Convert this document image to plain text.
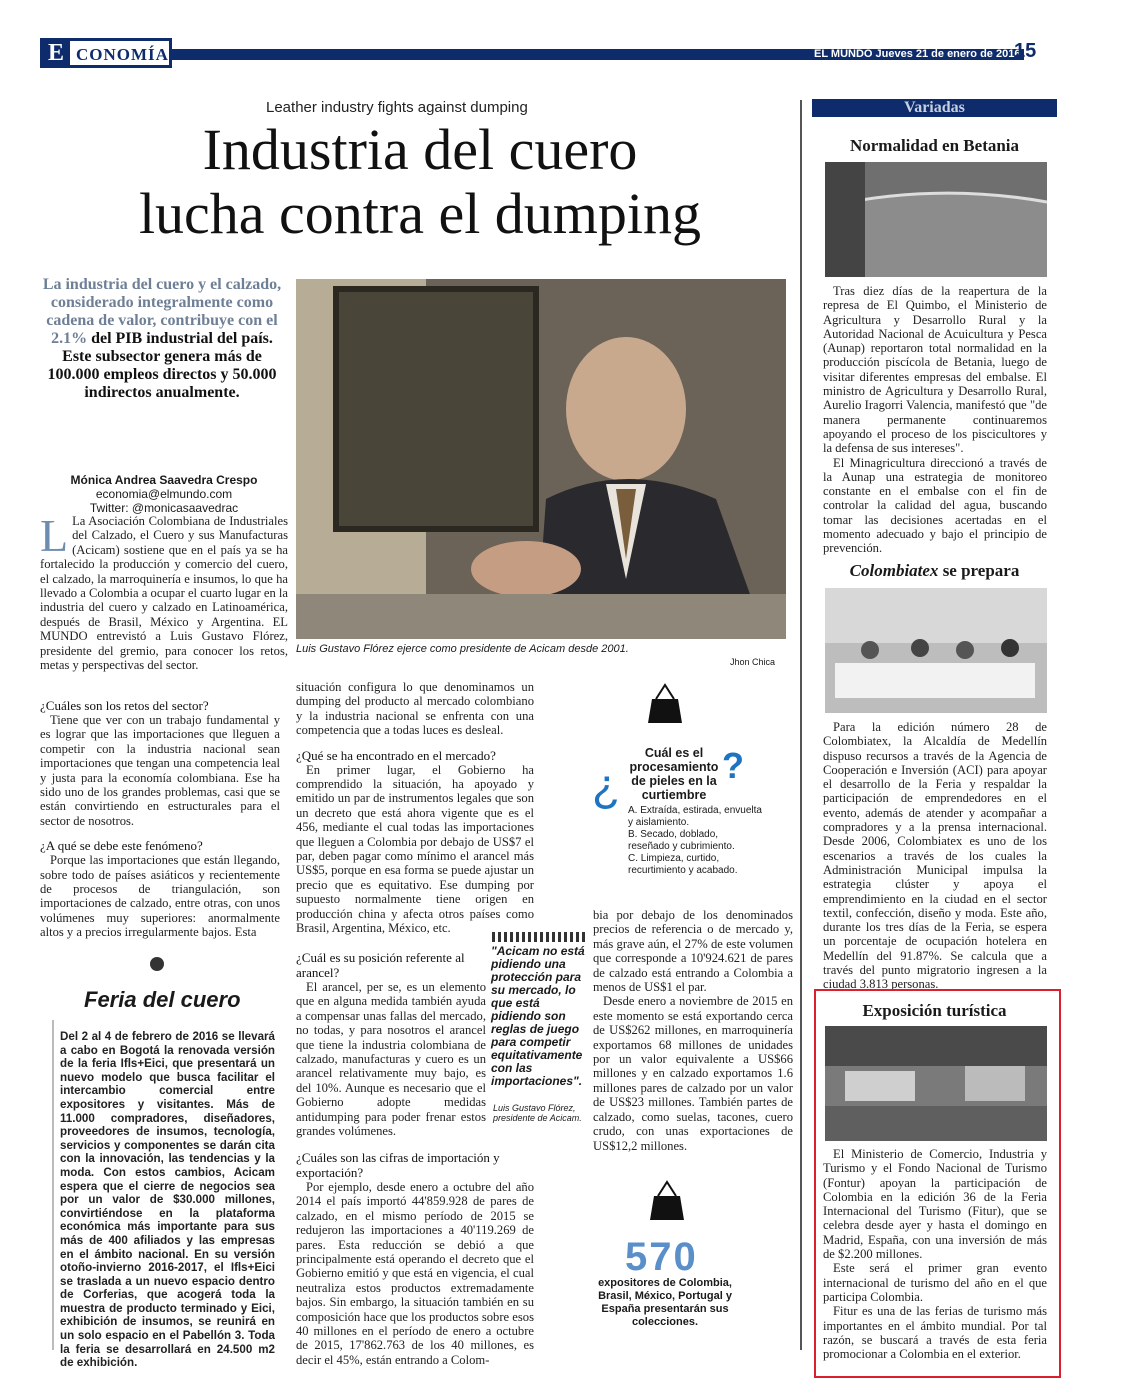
E CONOMÍA	EL MUNDO Jueves 21 de enero de 2016
15
Leather industry fights against dumping
Industria del cuero
lucha contra el dumping
La industria del cuero y el calzado, considerado integralmente como cadena de valor, contribuye con el 2.1% del PIB industrial del país. Este subsector genera más de 100.000 empleos directos y 50.000 indirectos anualmente.
Mónica Andrea Saavedra Crespo
economia@elmundo.com
Twitter: @monicasaavedrac
L La Asociación Colombiana de Industriales del Calzado, el Cuero y sus Manufacturas (Acicam) sostiene que en el país ya se ha fortalecido la producción y comercio del cuero, el calzado, la marroquinería e insumos, lo que ha llevado a Colombia a ocupar el cuarto lugar en la industria del cuero y calzado en Latinoamérica, después de Brasil, México y Argentina. EL MUNDO entrevistó a Luis Gustavo Flórez, presidente del gremio, para conocer los retos, metas y perspectivas del sector.
¿Cuáles son los retos del sector?
Tiene que ver con un trabajo fundamental y es lograr que las importaciones que lleguen a competir con la industria nacional sean importaciones que tengan una competencia leal y justa para la economía colombiana. Ese ha sido uno de los grandes problemas, casi que se están convirtiendo en estructurales para el sector de nosotros.
¿A qué se debe este fenómeno?
Porque las importaciones que están llegando, sobre todo de países asiáticos y recientemente de procesos de triangulación, son importaciones de calzado, entre otras, con unos volúmenes muy superiores: anormalmente altos y a precios irregularmente bajos. Esta
Feria del cuero
Del 2 al 4 de febrero de 2016 se llevará a cabo en Bogotá la renovada versión de la feria Ifls+Eici, que presentará un nuevo modelo que busca facilitar el intercambio comercial entre expositores y visitantes. Más de 11.000 compradores, diseñadores, proveedores de insumos, tecnología, servicios y componentes se darán cita con la innovación, las tendencias y la moda. Con estos cambios, Acicam espera que el cierre de negocios sea por un valor de $30.000 millones, convirtiéndose en la plataforma económica más importante para sus más de 400 afiliados y las empresas en el ámbito nacional. En su versión otoño-invierno 2016-2017, el Ifls+Eici se traslada a un nuevo espacio dentro de Corferias, que acogerá toda la muestra de producto terminado y Eici, exhibición de insumos, se reunirá en un solo espacio en el Pabellón 3. Toda la feria se desarrollará en 24.500 m2 de exhibición.
Luis Gustavo Flórez ejerce como presidente de Acicam desde 2001.
Jhon Chica
situación configura lo que denominamos un dumping del producto al mercado colombiano y la industria nacional se enfrenta con una competencia que a todas luces es desleal.
¿Qué se ha encontrado en el mercado?
En primer lugar, el Gobierno ha comprendido la situación, ha apoyado y emitido un par de instrumentos legales que son un decreto que está ahora vigente que es el 456, mediante el cual todas las importaciones que lleguen a Colombia por debajo de US$7 el par, deben pagar como mínimo el arancel más US$5, porque en esa forma se puede ajustar un precio que es equitativo. Ese dumping por supuesto normalmente tiene origen en producción china y afecta otros países como Brasil, Argentina, México, etc.
¿Cuál es su posición referente al arancel?
El arancel, per se, es un elemento que en alguna medida también ayuda a compensar unas fallas del mercado, no todas, y para nosotros el arancel que tiene la industria colombiana de calzado, manufacturas y cuero es un arancel relativamente muy bajo, es del 10%. Aunque es necesario que el Gobierno adopte medidas antidumping para poder frenar estos grandes volúmenes.
¿Cuáles son las cifras de importación y exportación?
Por ejemplo, desde enero a octubre del año 2014 el país importó 44'859.928 de pares de calzado, en el mismo período de 2015 se redujeron las importaciones a 40'119.269 de pares. Esta reducción se debió a que principalmente está operando el decreto que el Gobierno emitió y que está en vigencia, el cual neutraliza estos productos extremadamente bajos. Sin embargo, la situación también en su composición hace que los productos sobre esos 40 millones en el período de enero a octubre de 2015, 17'862.763 de los 40 millones, es decir el 45%, están entrando a Colom-
"Acicam no está pidiendo una protección para su mercado, lo que está pidiendo son reglas de juego para competir equitativamente con las importaciones".
Luis Gustavo Flórez, presidente de Acicam.
bia por debajo de los denominados precios de referencia o de mercado y, más grave aún, el 27% de este volumen que corresponde a 10'924.621 de pares de calzado está entrando a Colombia a menos de US$1 el par.
Desde enero a noviembre de 2015 en este momento se está exportando cerca de US$262 millones, en marroquinería exportamos 68 millones de unidades por un valor equivalente a US$66 millones y en calzado exportamos 1.6 millones pares de calzado por un valor de US$23 millones. También partes de calzado, como suelas, tacones, cuero crudo, con unas exportaciones de US$12,2 millones.
¿	?
Cuál es el procesamiento de pieles en la curtiembre
A. Extraída, estirada, envuelta y aislamiento.
B. Secado, doblado, reseñado y cubrimiento.
C. Limpieza, curtido, recurtimiento y acabado.
570
expositores de Colombia, Brasil, México, Portugal y España presentarán sus colecciones.
Variadas
Normalidad en Betania
Tras diez días de la reapertura de la represa de El Quimbo, el Ministerio de Agricultura y Desarrollo Rural y la Autoridad Nacional de Acuicultura y Pesca (Aunap) reportaron total normalidad en la producción piscícola de Betania, luego de visitar diferentes empresas del embalse. El ministro de Agricultura y Desarrollo Rural, Aurelio Iragorri Valencia, manifestó que "de manera permanente continuaremos apoyando el proceso de los piscicultores y la defensa de sus intereses".
El Minagricultura direccionó a través de la Aunap una estrategia de monitoreo constante en el embalse con el fin de controlar la calidad del agua, buscando tomar las decisiones acertadas en el momento adecuado y bajo el principio de prevención.
Colombiatex se prepara
Para la edición número 28 de Colombiatex, la Alcaldía de Medellín dispuso recursos a través de la Agencia de Cooperación e Inversión (ACI) para apoyar el desarrollo de la Feria y respaldar la participación de emprendedores en el evento, además de atender y acompañar a compradores y a la prensa internacional. Desde 2006, Colombiatex es uno de los escenarios a través de los cuales la Administración Municipal impulsa la estrategia clúster y apoya el emprendimiento en la ciudad en el sector textil, confección, diseño y moda. Este año, durante los tres días de la Feria, se espera un porcentaje de ocupación hotelera en Medellín del 91.87%. Se calcula que a través del punto migratorio ingresen a la ciudad 3.813 personas.
Exposición turística
El Ministerio de Comercio, Industria y Turismo y el Fondo Nacional de Turismo (Fontur) apoyan la participación de Colombia en la edición 36 de la Feria Internacional del Turismo (Fitur), que se celebra desde ayer y hasta el domingo en Madrid, España, con una inversión de más de $2.200 millones.
Este será el primer gran evento internacional de turismo del año en el que participa Colombia.
Fitur es una de las ferias de turismo más importantes en el ámbito mundial. Por tal razón, se buscará a través de esta feria promocionar a Colombia en el exterior.
